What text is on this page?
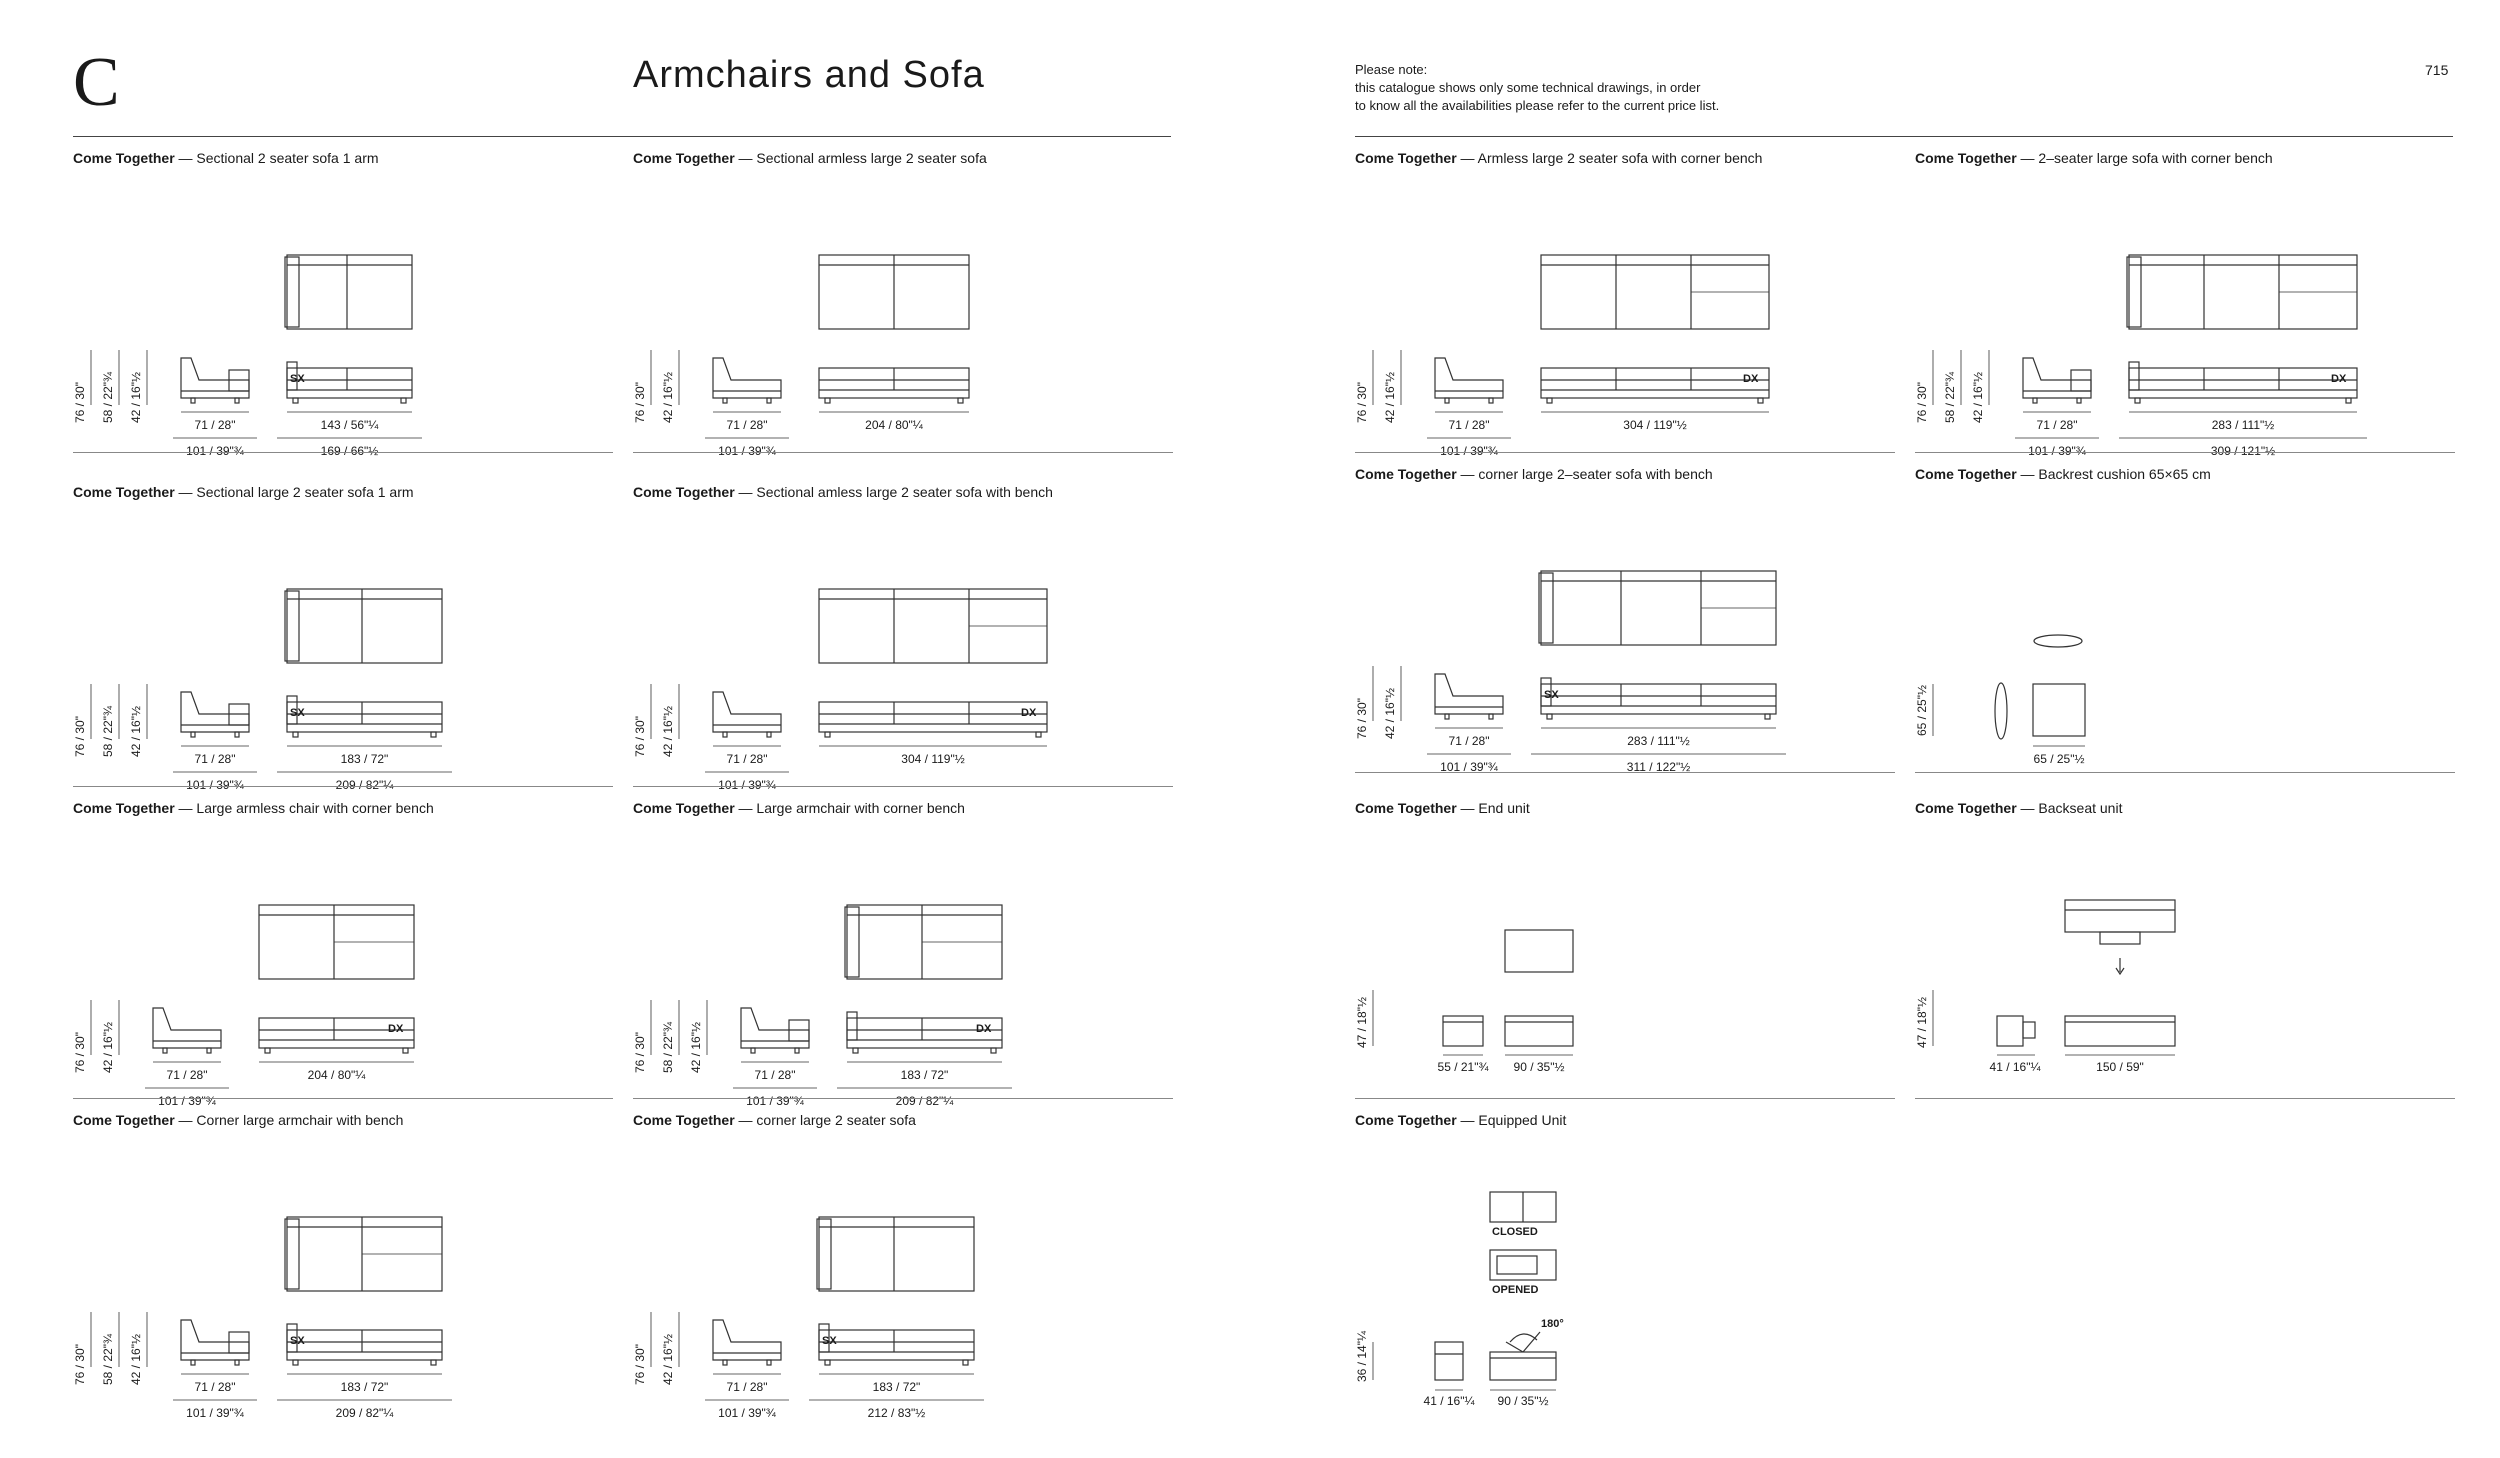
C	Armchairs and Sofa	Please note:
this catalogue shows only some technical drawings, in order
to know all the availabilities please refer to the current price list.
715
Come Together — Sectional 2 seater sofa 1 arm
SX
76 / 30" 58 / 22"¾ 42 / 16"½
71 / 28"
101 / 39"¾
143 / 56"¼
169 / 66"½
Come Together — Sectional armless large 2 seater sofa
76 / 30" 42 / 16"½
71 / 28"
101 / 39"¾
204 / 80"¼
Come Together — Sectional large 2 seater sofa 1 arm
SX
76 / 30" 58 / 22"¾ 42 / 16"½
71 / 28"
101 / 39"¾
183 / 72"
209 / 82"¼
Come Together — Sectional amless large 2 seater sofa with bench
DX
76 / 30" 42 / 16"½
71 / 28"
101 / 39"¾
304 / 119"½
Come Together — Large armless chair with corner bench
DX
76 / 30" 42 / 16"½
71 / 28"
101 / 39"¾
204 / 80"¼
Come Together — Large armchair with corner bench
DX
76 / 30" 58 / 22"¾ 42 / 16"½
71 / 28"
101 / 39"¾
183 / 72"
209 / 82"¼
Come Together — Corner large armchair with bench
SX
76 / 30" 58 / 22"¾ 42 / 16"½
71 / 28"
101 / 39"¾
183 / 72"
209 / 82"¼
Come Together — corner large 2 seater sofa
SX
76 / 30" 42 / 16"½
71 / 28"
101 / 39"¾
183 / 72"
212 / 83"½
Come Together — Armless large 2 seater sofa with corner bench
DX
76 / 30" 42 / 16"½
71 / 28"
101 / 39"¾
304 / 119"½
Come Together — 2–seater large sofa with corner bench
DX
76 / 30" 58 / 22"¾ 42 / 16"½
71 / 28"
101 / 39"¾
283 / 111"½
309 / 121"½
Come Together — corner large 2–seater sofa with bench
SX
76 / 30" 42 / 16"½
71 / 28"
101 / 39"¾
283 / 111"½
311 / 122"½
Come Together — Backrest cushion 65×65 cm
65 / 25"½
65 / 25"½
Come Together — End unit
47 / 18"½
55 / 21"¾ 90 / 35"½
Come Together — Backseat unit
47 / 18"½
41 / 16"¼	150 / 59"
Come Together — Equipped Unit
CLOSED
OPENED
180°
36 / 14"¼
41 / 16"¼ 90 / 35"½
